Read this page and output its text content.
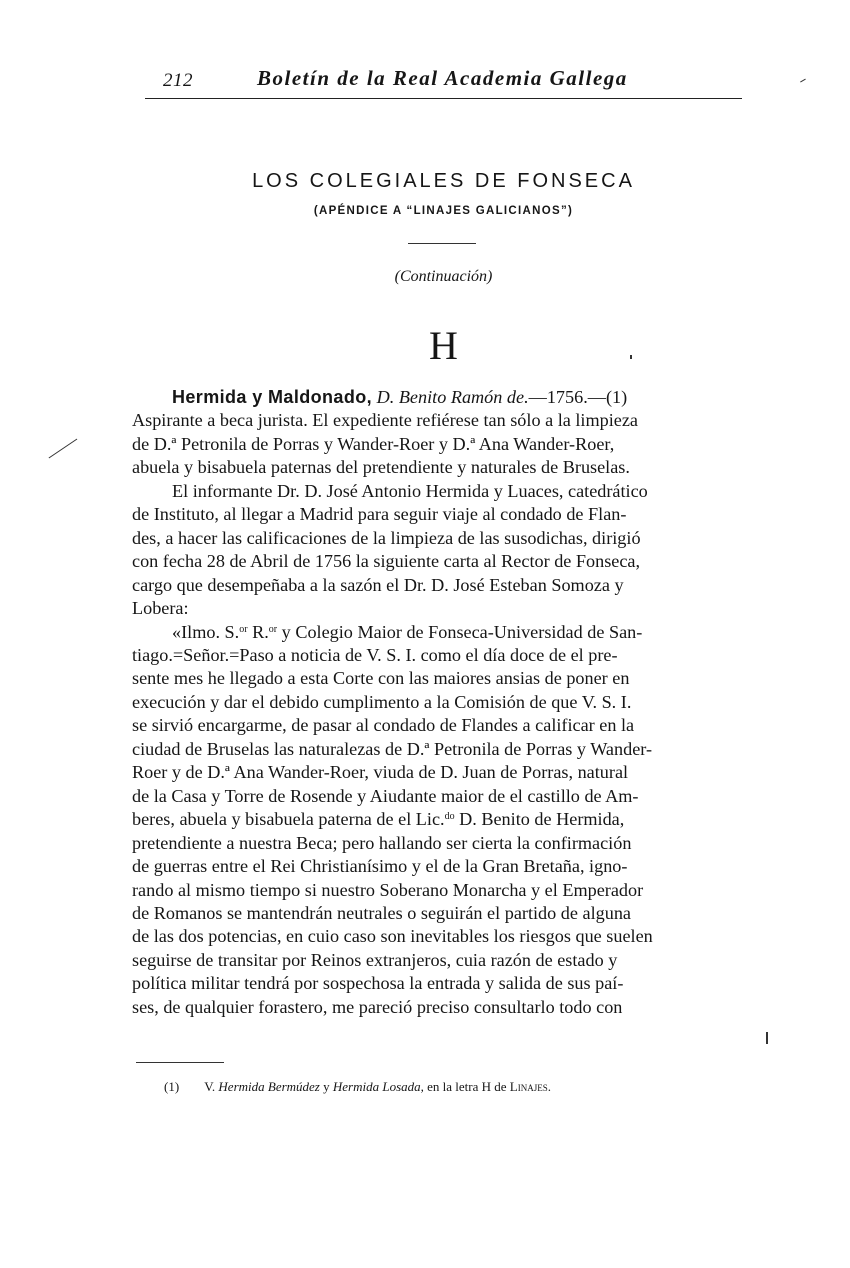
212	Boletín de la Real Academia Gallega
LOS COLEGIALES DE FONSECA
(APÉNDICE A “LINAJES GALICIANOS”)
(Continuación)
H

Hermida y Maldonado, D. Benito Ramón de.—1756.—(1)

Aspirante a beca jurista. El expediente refiérese tan sólo a la limpieza

de D.ª Petronila de Porras y Wander-Roer y D.ª Ana Wander-Roer,

abuela y bisabuela paternas del pretendiente y naturales de Bruselas.

El informante Dr. D. José Antonio Hermida y Luaces, catedrático

de Instituto, al llegar a Madrid para seguir viaje al condado de Flan-

des, a hacer las calificaciones de la limpieza de las susodichas, dirigió

con fecha 28 de Abril de 1756 la siguiente carta al Rector de Fonseca,

cargo que desempeñaba a la sazón el Dr. D. José Esteban Somoza y

Lobera:

«Ilmo. S.$^{or}$ R.$^{or}$ y Colegio Maior de Fonseca-Universidad de San-

tiago.=Señor.=Paso a noticia de V. S. I. como el día doce de el pre-

sente mes he llegado a esta Corte con las maiores ansias de poner en

execución y dar el debido cumplimento a la Comisión de que V. S. I.

se sirvió encargarme, de pasar al condado de Flandes a calificar en la

ciudad de Bruselas las naturalezas de D.ª Petronila de Porras y Wander-

Roer y de D.ª Ana Wander-Roer, viuda de D. Juan de Porras, natural

de la Casa y Torre de Rosende y Aiudante maior de el castillo de Am-

beres, abuela y bisabuela paterna de el Lic.$^{do}$ D. Benito de Hermida,

pretendiente a nuestra Beca; pero hallando ser cierta la confirmación

de guerras entre el Rei Christianísimo y el de la Gran Bretaña, igno-

rando al mismo tiempo si nuestro Soberano Monarcha y el Emperador

de Romanos se mantendrán neutrales o seguirán el partido de alguna

de las dos potencias, en cuio caso son inevitables los riesgos que suelen

seguirse de transitar por Reinos extranjeros, cuia razón de estado y

política militar tendrá por sospechosa la entrada y salida de sus paí-

ses, de qualquier forastero, me pareció preciso consultarlo todo con

(1) V. Hermida Bermúdez y Hermida Losada, en la letra H de Linajes.
